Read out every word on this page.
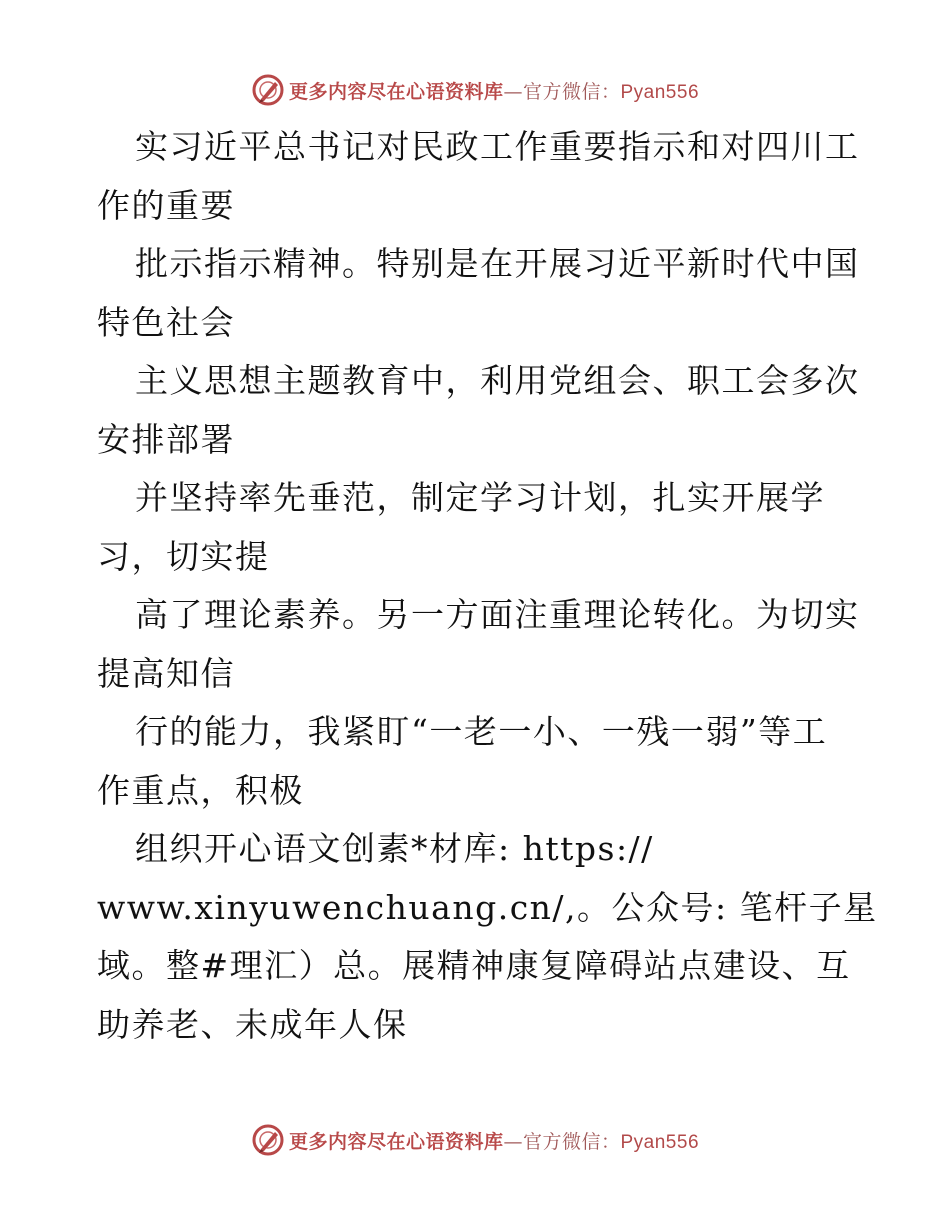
更多内容尽在心语资料库—官方微信：Pyan556
实习近平总书记对民政工作重要指示和对四川工
作的重要
批示指示精神。特别是在开展习近平新时代中国
特色社会
主义思想主题教育中，利用党组会、职工会多次
安排部署
并坚持率先垂范，制定学习计划，扎实开展学
习，切实提
高了理论素养。另一方面注重理论转化。为切实
提高知信
行的能力，我紧盯“一老一小、一残一弱”等工
作重点，积极
组织开心语文创素*材库: https://
www.xinyuwenchuang.cn/,。公众号: 笔杆子星
域。整#理汇）总。展精神康复障碍站点建设、互
助养老、未成年人保
更多内容尽在心语资料库—官方微信：Pyan556
